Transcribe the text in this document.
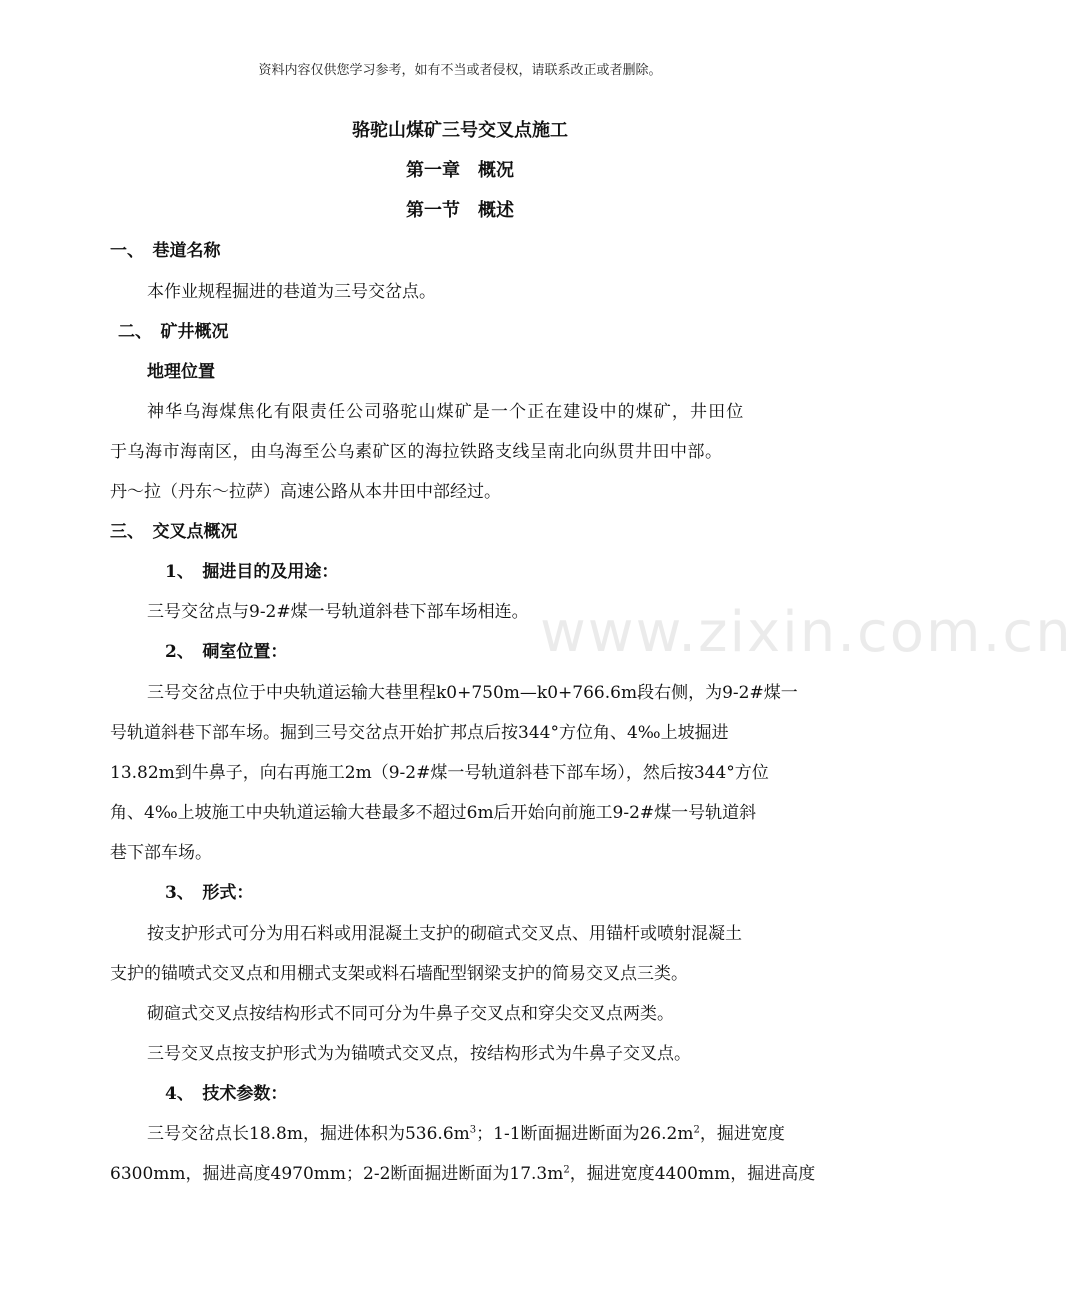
资料内容仅供您学习参考，如有不当或者侵权，请联系改正或者删除。
骆驼山煤矿三号交叉点施工
第一章　概况
第一节　概述
一、　巷道名称
本作业规程掘进的巷道为三号交岔点。
二、　矿井概况
地理位置
神华乌海煤焦化有限责任公司骆驼山煤矿是一个正在建设中的煤矿，井田位
于乌海市海南区，由乌海至公乌素矿区的海拉铁路支线呈南北向纵贯井田中部。
丹～拉（丹东～拉萨）高速公路从本井田中部经过。
三、　交叉点概况
1、　掘进目的及用途：
三号交岔点与9-2#煤一号轨道斜巷下部车场相连。
2、　硐室位置：
三号交岔点位于中央轨道运输大巷里程k0+750m—k0+766.6m段右侧，为9-2#煤一
号轨道斜巷下部车场。掘到三号交岔点开始扩邦点后按344°方位角、4‰上坡掘进
13.82m到牛鼻子，向右再施工2m（9-2#煤一号轨道斜巷下部车场），然后按344°方位
角、4‰上坡施工中央轨道运输大巷最多不超过6m后开始向前施工9-2#煤一号轨道斜
巷下部车场。
3、　形式：
按支护形式可分为用石料或用混凝土支护的砌碹式交叉点、用锚杆或喷射混凝土
支护的锚喷式交叉点和用棚式支架或料石墙配型钢梁支护的简易交叉点三类。
砌碹式交叉点按结构形式不同可分为牛鼻子交叉点和穿尖交叉点两类。
三号交叉点按支护形式为为锚喷式交叉点，按结构形式为牛鼻子交叉点。
4、　技术参数：
三号交岔点长18.8m，掘进体积为$536.6m^3$；1-1断面掘进断面为$26.2m^2$，掘进宽度
6300mm，掘进高度4970mm；2-2断面掘进断面为$17.3m^2$，掘进宽度4400mm，掘进高度
www.zixin.com.cn
